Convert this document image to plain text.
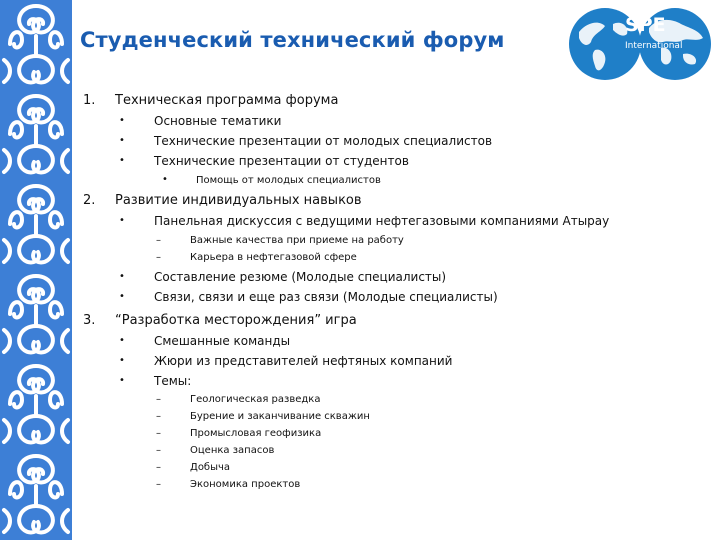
Студенческий технический форум
SPE
International
1. Техническая программа форума
• Основные тематики
• Технические презентации от молодых специалистов
• Технические презентации от студентов
•	Помощь от молодых специалистов
2. Развитие индивидуальных навыков
• Панельная дискуссия с ведущими нефтегазовыми компаниями Атырау
–	Важные качества при приеме на работу
–	Карьера в нефтегазовой сфере
• Составление резюме (Молодые специалисты)
• Связи, связи и еще раз связи (Молодые специалисты)
3. “Разработка месторождения” игра
• Смешанные команды
• Жюри из представителей нефтяных компаний
• Темы:
–	Геологическая разведка
–	Бурение и заканчивание скважин
–	Промысловая геофизика
–	Оценка запасов
–	Добыча
–	Экономика проектов
